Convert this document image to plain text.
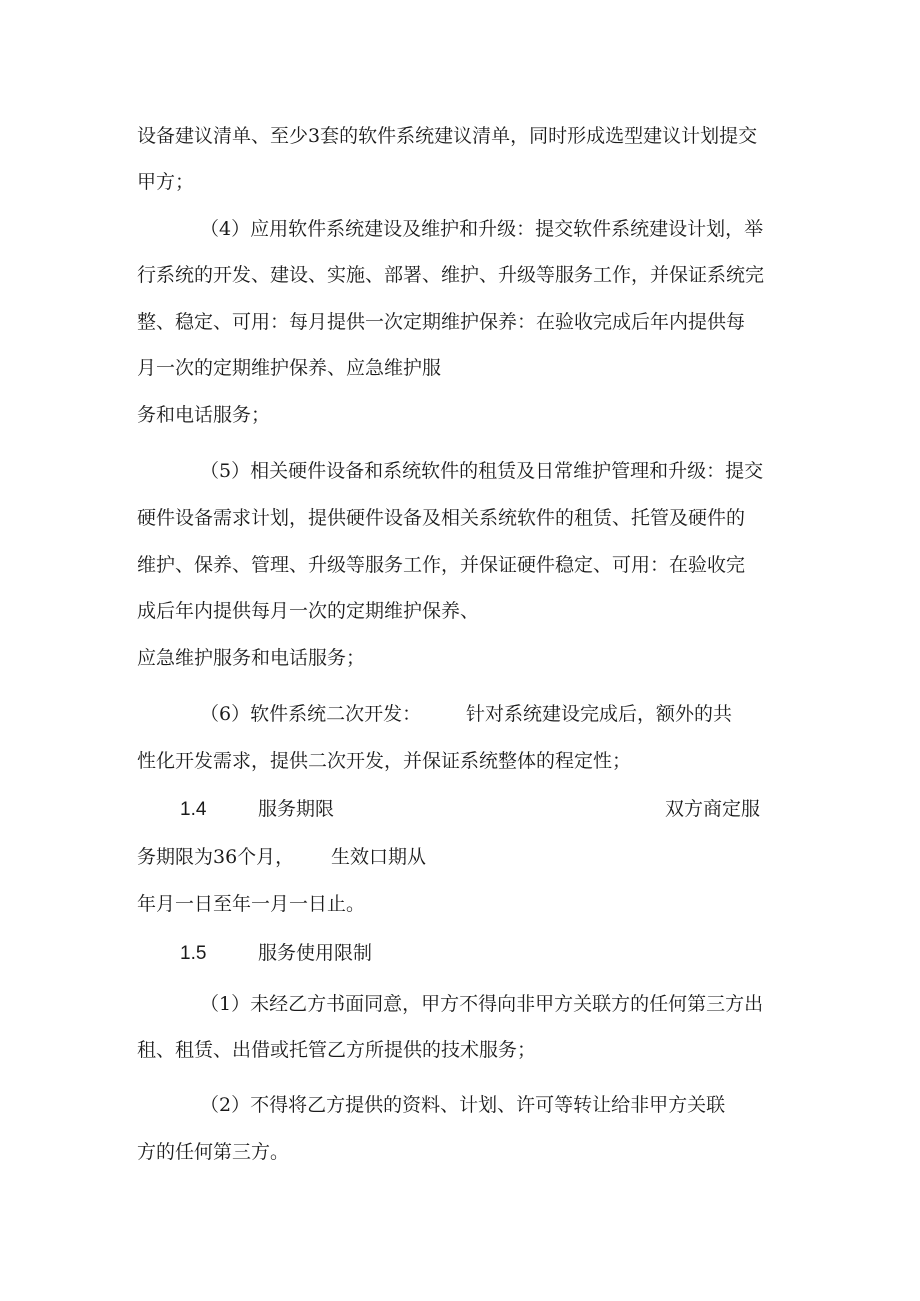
设备建议清单、至少3套的软件系统建议清单，同时形成选型建议计划提交
甲方；
（4）应用软件系统建设及维护和升级：提交软件系统建设计划，举
行系统的开发、建设、实施、部署、维护、升级等服务工作，并保证系统完
整、稳定、可用：每月提供一次定期维护保养：在验收完成后年内提供每
月一次的定期维护保养、应急维护服
务和电话服务；
（5）相关硬件设备和系统软件的租赁及日常维护管理和升级：提交
硬件设备需求计划，提供硬件设备及相关系统软件的租赁、托管及硬件的
维护、保养、管理、升级等服务工作，并保证硬件稳定、可用：在验收完
成后年内提供每月一次的定期维护保养、
应急维护服务和电话服务；
（6）软件系统二次开发： 针对系统建设完成后，额外的共
性化开发需求，提供二次开发，并保证系统整体的程定性；
1.4	服务期限	双方商定服
务期限为36个月， 生效口期从
年月一日至年一月一日止。
1.5	服务使用限制
（1）未经乙方书面同意，甲方不得向非甲方关联方的任何第三方出
租、租赁、出借或托管乙方所提供的技术服务；
（2）不得将乙方提供的资料、计划、许可等转让给非甲方关联
方的任何第三方。
